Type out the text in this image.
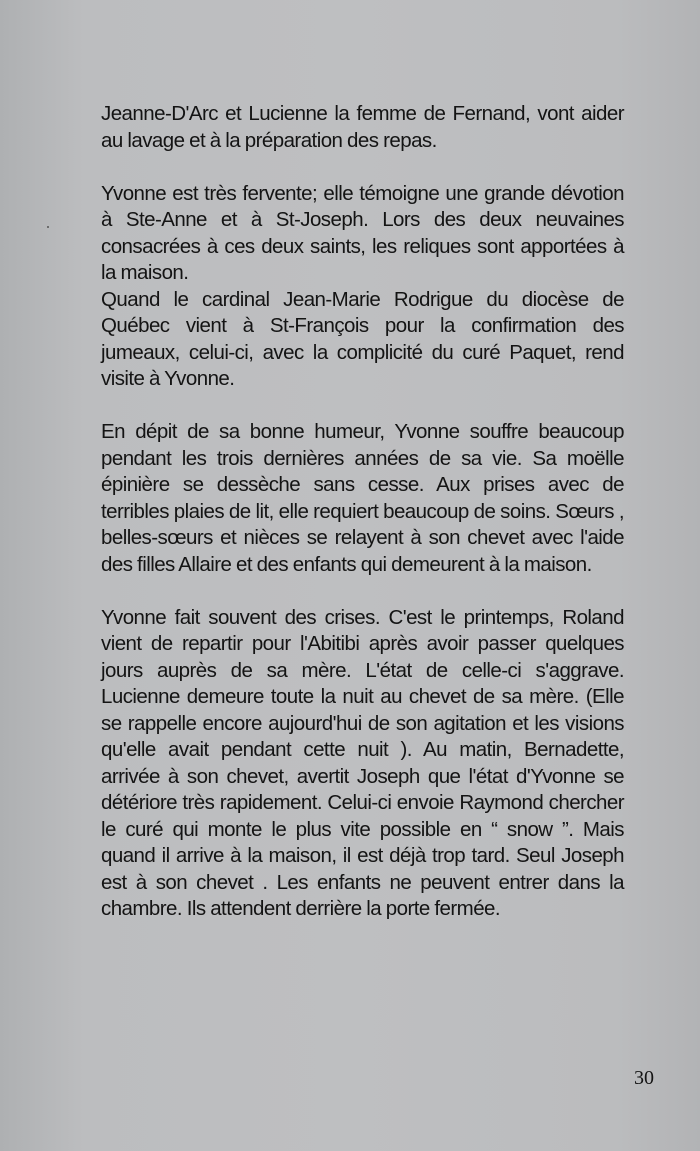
Jeanne-D'Arc et Lucienne la femme de Fernand, vont aider au lavage et à la préparation des repas.

Yvonne est très fervente; elle témoigne une grande dévotion à Ste-Anne et à St-Joseph. Lors des deux neuvaines consacrées à ces deux saints, les reliques sont apportées à la maison.

Quand le cardinal Jean-Marie Rodrigue du diocèse de Québec vient à St-François pour la confirmation des jumeaux, celui-ci, avec la complicité du curé Paquet, rend visite à Yvonne.

En dépit de sa bonne humeur, Yvonne souffre beaucoup pendant les trois dernières années de sa vie. Sa moëlle épinière se dessèche sans cesse. Aux prises avec de terribles plaies de lit, elle requiert beaucoup de soins. Sœurs , belles-sœurs et nièces se relayent à son chevet avec l'aide des filles Allaire et des enfants qui demeurent à la maison.

Yvonne fait souvent des crises. C'est le printemps, Roland vient de repartir pour l'Abitibi après avoir passer quelques jours auprès de sa mère. L'état de celle-ci s'aggrave. Lucienne demeure toute la nuit au chevet de sa mère. (Elle se rappelle encore aujourd'hui de son agitation et les visions qu'elle avait pendant cette nuit ). Au matin, Bernadette, arrivée à son chevet, avertit Joseph que l'état d'Yvonne se détériore très rapidement. Celui-ci envoie Raymond chercher le curé qui monte le plus vite possible en “ snow ”. Mais quand il arrive à la maison, il est déjà trop tard. Seul Joseph est à son chevet . Les enfants ne peuvent entrer dans la chambre. Ils attendent derrière la porte fermée.

30
